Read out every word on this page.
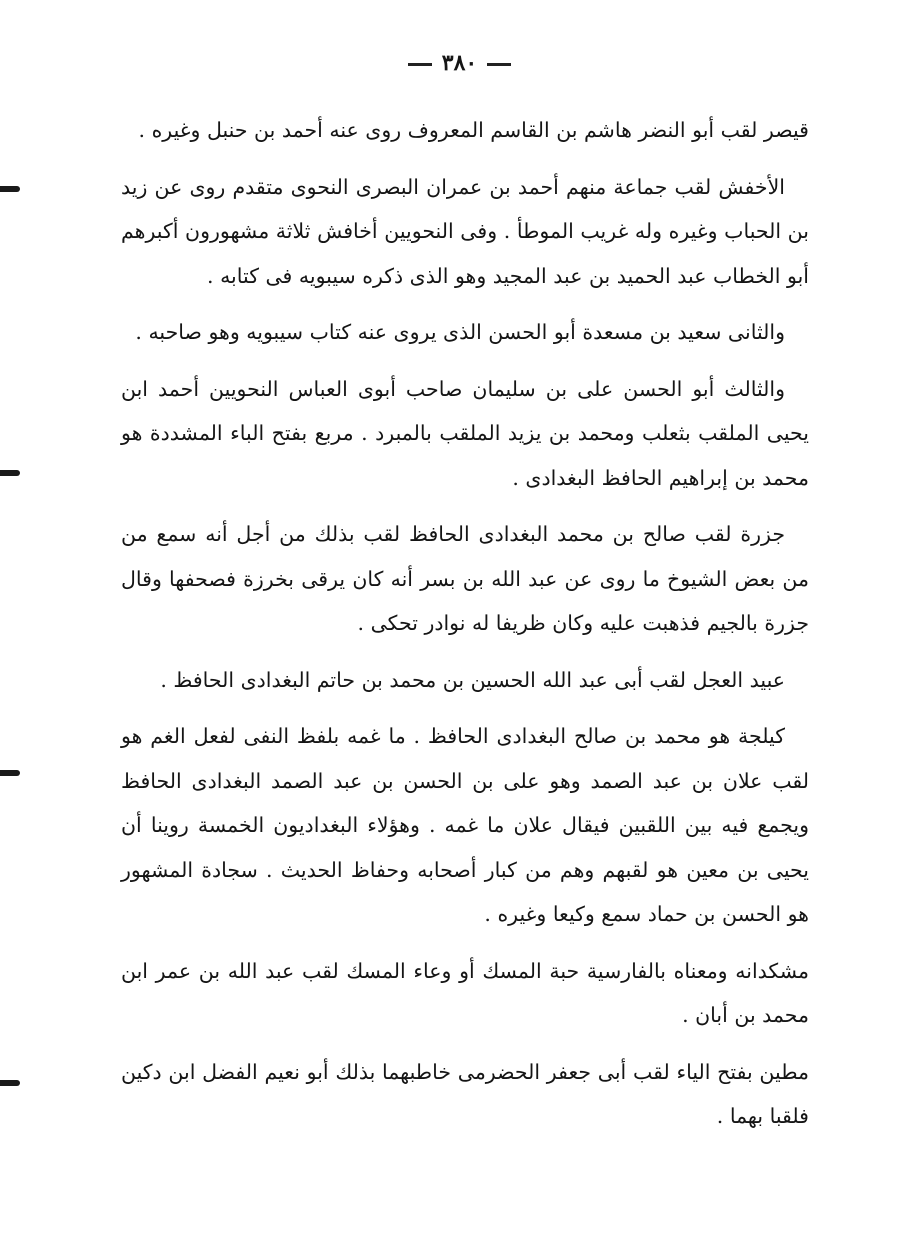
٣٨٠

قيصر لقب أبو النضر هاشم بن القاسم المعروف روى عنه أحمد بن حنبل وغيره .

الأخفش لقب جماعة منهم أحمد بن عمران البصرى النحوى متقدم روى عن زيد بن الحباب وغيره وله غريب الموطأ . وفى النحويين أخافش ثلاثة مشهورون أكبرهم أبو الخطاب عبد الحميد بن عبد المجيد وهو الذى ذكره سيبويه فى كتابه .

والثانى سعيد بن مسعدة أبو الحسن الذى يروى عنه كتاب سيبويه وهو صاحبه .

والثالث أبو الحسن على بن سليمان صاحب أبوى العباس النحويين أحمد ابن يحيى الملقب بثعلب ومحمد بن يزيد الملقب بالمبرد . مربع بفتح الباء المشددة هو محمد بن إبراهيم الحافظ البغدادى .

جزرة لقب صالح بن محمد البغدادى الحافظ لقب بذلك من أجل أنه سمع من من بعض الشيوخ ما روى عن عبد الله بن بسر أنه كان يرقى بخرزة فصحفها وقال جزرة بالجيم فذهبت عليه وكان ظريفا له نوادر تحكى .

عبيد العجل لقب أبى عبد الله الحسين بن محمد بن حاتم البغدادى الحافظ .

كيلجة هو محمد بن صالح البغدادى الحافظ . ما غمه بلفظ النفى لفعل الغم هو لقب علان بن عبد الصمد وهو على بن الحسن بن عبد الصمد البغدادى الحافظ ويجمع فيه بين اللقبين فيقال علان ما غمه . وهؤلاء البغداديون الخمسة روينا أن يحيى بن معين هو لقبهم وهم من كبار أصحابه وحفاظ الحديث . سجادة المشهور هو الحسن بن حماد سمع وكيعا وغيره .

مشكدانه ومعناه بالفارسية حبة المسك أو وعاء المسك لقب عبد الله بن عمر ابن محمد بن أبان .

مطين بفتح الياء لقب أبى جعفر الحضرمى خاطبهما بذلك أبو نعيم الفضل ابن دكين فلقبا بهما .
